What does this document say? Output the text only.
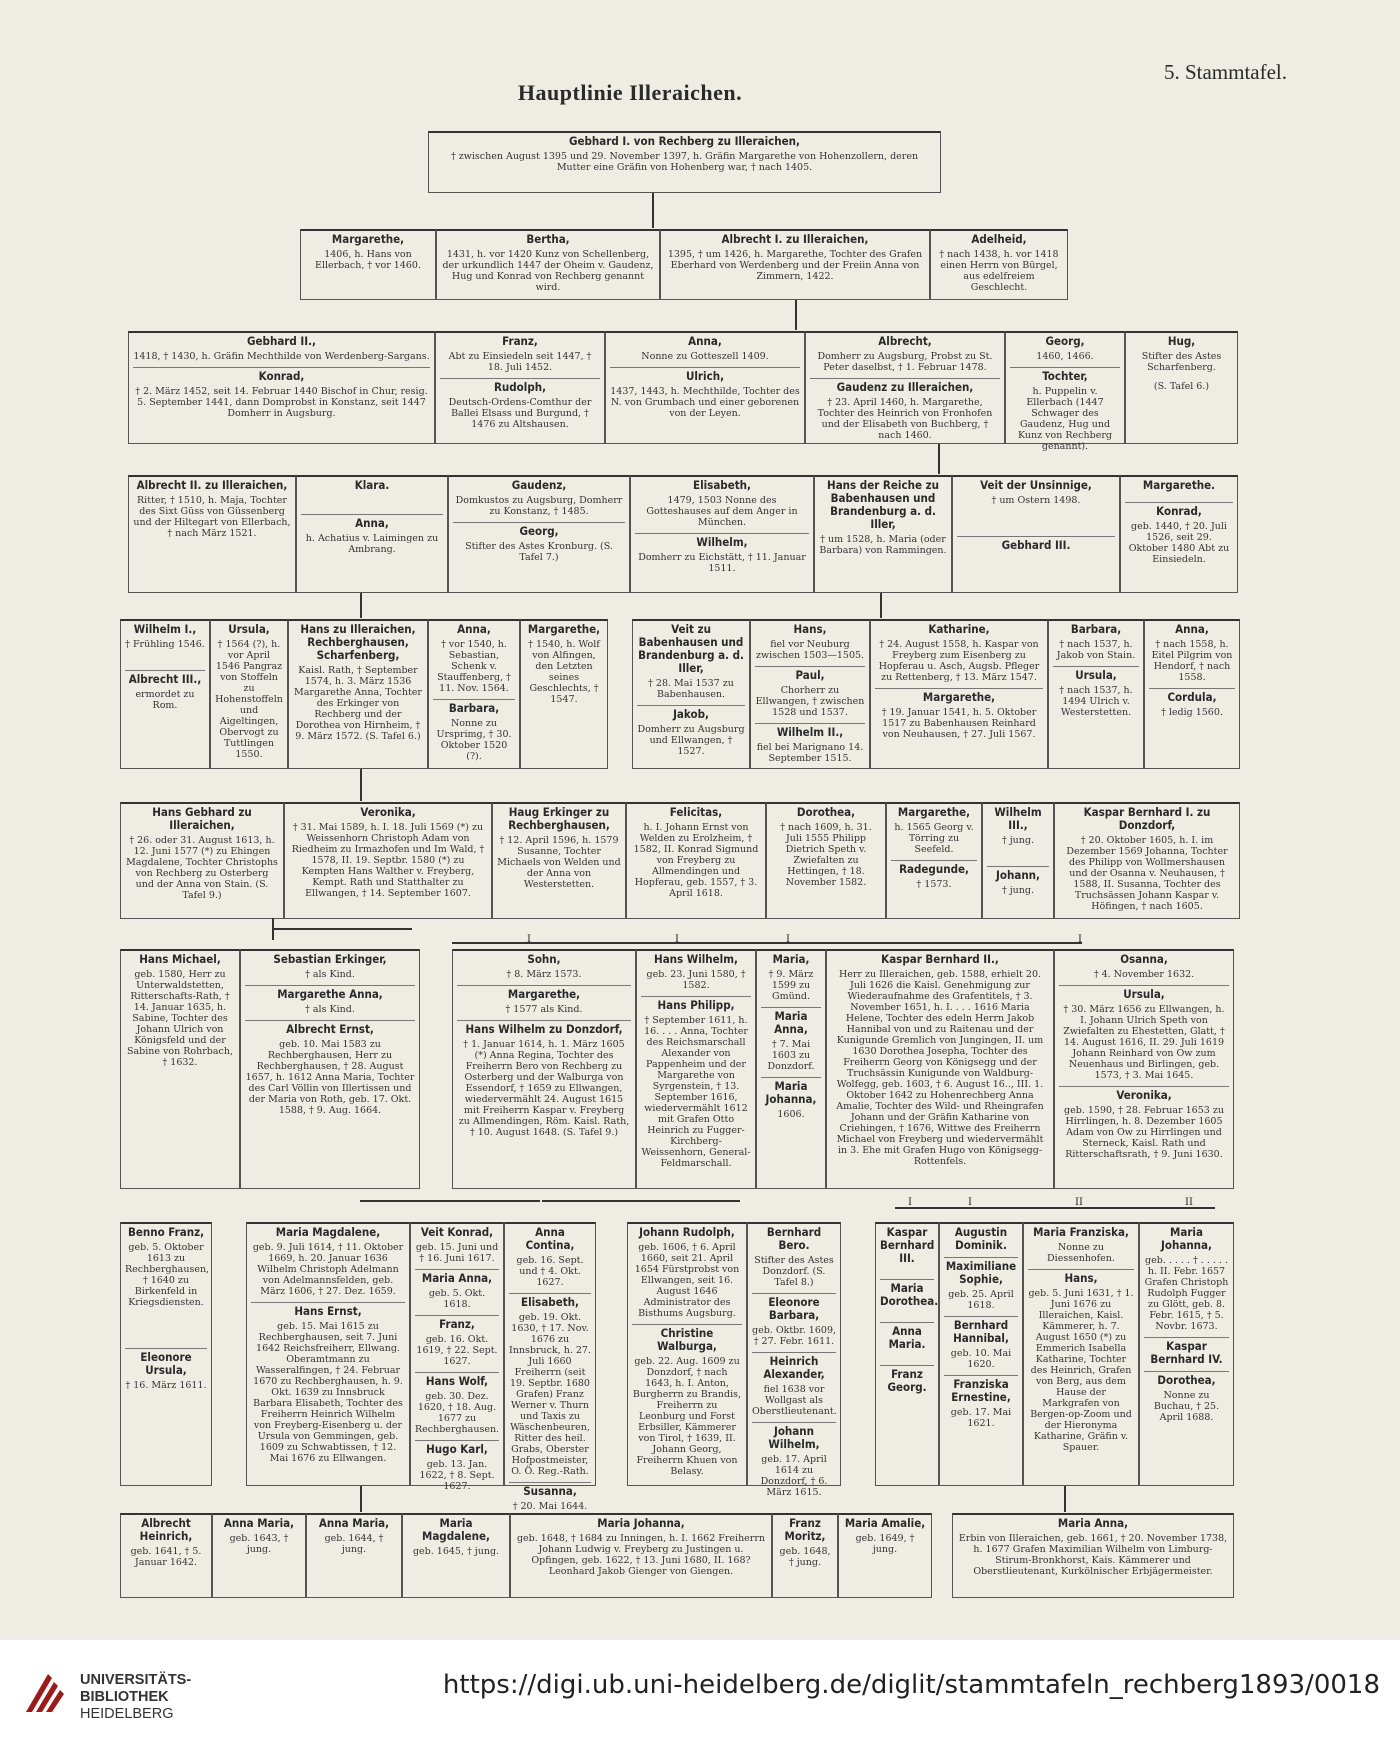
Hauptlinie Illeraichen.
5. Stammtafel.
Gebhard I. von Rechberg zu Illeraichen,
† zwischen August 1395 und 29. November 1397, h. Gräfin Margarethe von Hohenzollern, deren Mutter eine Gräfin von Hohenberg war, † nach 1405.
Margarethe,
1406, h. Hans von Ellerbach, † vor 1460.
Bertha,
1431, h. vor 1420 Kunz von Schellenberg, der urkundlich 1447 der Oheim v. Gaudenz, Hug und Konrad von Rechberg genannt wird.
Albrecht I. zu Illeraichen,
1395, † um 1426, h. Margarethe, Tochter des Grafen Eberhard von Werdenberg und der Freiin Anna von Zimmern, 1422.
Adelheid,
† nach 1438, h. vor 1418 einen Herrn von Bürgel, aus edelfreiem Geschlecht.
Gebhard II.,
1418, † 1430, h. Gräfin Mechthilde von Werdenberg-Sargans.
Konrad,
† 2. März 1452, seit 14. Februar 1440 Bischof in Chur, resig. 5. September 1441, dann Domprobst in Konstanz, seit 1447 Domherr in Augsburg.
Franz,
Abt zu Einsiedeln seit 1447, † 18. Juli 1452.
Rudolph,
Deutsch-Ordens-Comthur der Ballei Elsass und Burgund, † 1476 zu Altshausen.
Anna,
Nonne zu Gotteszell 1409.
Ulrich,
1437, 1443, h. Mechthilde, Tochter des N. von Grumbach und einer geborenen von der Leyen.
Albrecht,
Domherr zu Augsburg, Probst zu St. Peter daselbst, † 1. Februar 1478.
Gaudenz zu Illeraichen,
† 23. April 1460, h. Margarethe, Tochter des Heinrich von Fronhofen und der Elisabeth von Buchberg, † nach 1460.
Georg,
1460, 1466.
Tochter,
h. Puppelin v. Ellerbach (1447 Schwager des Gaudenz, Hug und Kunz von Rechberg genannt).
Hug,
Stifter des Astes Scharfenberg.
(S. Tafel 6.)
Albrecht II. zu Illeraichen,
Ritter, † 1510, h. Maja, Tochter des Sixt Güss von Güssenberg und der Hiltegart von Ellerbach, † nach März 1521.
Klara.
Anna,
h. Achatius v. Laimingen zu Ambrang.
Gaudenz,
Domkustos zu Augsburg, Domherr zu Konstanz, † 1485.
Georg,
Stifter des Astes Kronburg. (S. Tafel 7.)
Elisabeth,
1479, 1503 Nonne des Gotteshauses auf dem Anger in München.
Wilhelm,
Domherr zu Eichstätt, † 11. Januar 1511.
Hans der Reiche zu Babenhausen und Brandenburg a. d. Iller,
† um 1528, h. Maria (oder Barbara) von Rammingen.
Veit der Unsinnige,
† um Ostern 1498.
Gebhard III.
Margarethe.
Konrad,
geb. 1440, † 20. Juli 1526, seit 29. Oktober 1480 Abt zu Einsiedeln.
Wilhelm I.,
† Frühling 1546.
Albrecht III.,
ermordet zu Rom.
Ursula,
† 1564 (?), h. vor April 1546 Pangraz von Stoffeln zu Hohenstoffeln und Aigeltingen, Obervogt zu Tuttlingen 1550.
Hans zu Illeraichen, Rechberghausen, Scharfenberg,
Kaisl. Rath, † September 1574, h. 3. März 1536 Margarethe Anna, Tochter des Erkinger von Rechberg und der Dorothea von Hirnheim, † 9. März 1572. (S. Tafel 6.)
Anna,
† vor 1540, h. Sebastian, Schenk v. Stauffenberg, † 11. Nov. 1564.
Barbara,
Nonne zu Ursprimg, † 30. Oktober 1520 (?).
Margarethe,
† 1540, h. Wolf von Alfingen, den Letzten seines Geschlechts, † 1547.
Veit zu Babenhausen und Brandenburg a. d. Iller,
† 28. Mai 1537 zu Babenhausen.
Jakob,
Domherr zu Augsburg und Ellwangen, † 1527.
Hans,
fiel vor Neuburg zwischen 1503—1505.
Paul,
Chorherr zu Ellwangen, † zwischen 1528 und 1537.
Wilhelm II.,
fiel bei Marignano 14. September 1515.
Katharine,
† 24. August 1558, h. Kaspar von Freyberg zum Eisenberg zu Hopferau u. Asch, Augsb. Pfleger zu Rettenberg, † 13. März 1547.
Margarethe,
† 19. Januar 1541, h. 5. Oktober 1517 zu Babenhausen Reinhard von Neuhausen, † 27. Juli 1567.
Barbara,
† nach 1537, h. Jakob von Stain.
Ursula,
† nach 1537, h. 1494 Ulrich v. Westerstetten.
Anna,
† nach 1558, h. Eitel Pilgrim von Hendorf, † nach 1558.
Cordula,
† ledig 1560.
Hans Gebhard zu Illeraichen,
† 26. oder 31. August 1613, h. 12. Juni 1577 (*) zu Ehingen Magdalene, Tochter Christophs von Rechberg zu Osterberg und der Anna von Stain. (S. Tafel 9.)
Veronika,
† 31. Mai 1589, h. I. 18. Juli 1569 (*) zu Weissenhorn Christoph Adam von Riedheim zu Irmazhofen und Im Wald, † 1578, II. 19. Septbr. 1580 (*) zu Kempten Hans Walther v. Freyberg, Kempt. Rath und Statthalter zu Ellwangen, † 14. September 1607.
Haug Erkinger zu Rechberghausen,
† 12. April 1596, h. 1579 Susanne, Tochter Michaels von Welden und der Anna von Westerstetten.
Felicitas,
h. I. Johann Ernst von Welden zu Erolzheim, † 1582, II. Konrad Sigmund von Freyberg zu Allmendingen und Hopferau, geb. 1557, † 3. April 1618.
Dorothea,
† nach 1609, h. 31. Juli 1555 Philipp Dietrich Speth v. Zwiefalten zu Hettingen, † 18. November 1582.
Margarethe,
h. 1565 Georg v. Törring zu Seefeld.
Radegunde,
† 1573.
Wilhelm III.,
† jung.
Johann,
† jung.
Kaspar Bernhard I. zu Donzdorf,
† 20. Oktober 1605, h. I. im Dezember 1569 Johanna, Tochter des Philipp von Wollmershausen und der Osanna v. Neuhausen, † 1588, II. Susanna, Tochter des Truchsässen Johann Kaspar v. Höfingen, † nach 1605.
I	I	I	I
Hans Michael,
geb. 1580, Herr zu Unterwaldstetten, Ritterschafts-Rath, † 14. Januar 1635, h. Sabine, Tochter des Johann Ulrich von Königsfeld und der Sabine von Rohrbach, † 1632.
Sebastian Erkinger,
† als Kind.
Margarethe Anna,
† als Kind.
Albrecht Ernst,
geb. 10. Mai 1583 zu Rechberghausen, Herr zu Rechberghausen, † 28. August 1657, h. 1612 Anna Maria, Tochter des Carl Völlin von Illertissen und der Maria von Roth, geb. 17. Okt. 1588, † 9. Aug. 1664.
Sohn,
† 8. März 1573.
Margarethe,
† 1577 als Kind.
Hans Wilhelm zu Donzdorf,
† 1. Januar 1614, h. 1. März 1605 (*) Anna Regina, Tochter des Freiherrn Bero von Rechberg zu Osterberg und der Walburga von Essendorf, † 1659 zu Ellwangen, wiedervermählt 24. August 1615 mit Freiherrn Kaspar v. Freyberg zu Allmendingen, Röm. Kaisl. Rath, † 10. August 1648. (S. Tafel 9.)
Hans Wilhelm,
geb. 23. Juni 1580, † 1582.
Hans Philipp,
† September 1611, h. 16. . . . Anna, Tochter des Reichsmarschall Alexander von Pappenheim und der Margarethe von Syrgenstein, † 13. September 1616, wiedervermählt 1612 mit Grafen Otto Heinrich zu Fugger-Kirchberg-Weissenhorn, General-Feldmarschall.
Maria,
† 9. März 1599 zu Gmünd.
Maria Anna,
† 7. Mai 1603 zu Donzdorf.
Maria Johanna,
1606.
Kaspar Bernhard II.,
Herr zu Illeraichen, geb. 1588, erhielt 20. Juli 1626 die Kaisl. Genehmigung zur Wiederaufnahme des Grafentitels, † 3. November 1651, h. I. . . . 1616 Maria Helene, Tochter des edeln Herrn Jakob Hannibal von und zu Raitenau und der Kunigunde Gremlich von Jungingen, II. um 1630 Dorothea Josepha, Tochter des Freiherrn Georg von Königsegg und der Truchsässin Kunigunde von Waldburg-Wolfegg, geb. 1603, † 6. August 16.., III. 1. Oktober 1642 zu Hohenrechberg Anna Amalie, Tochter des Wild- und Rheingrafen Johann und der Gräfin Katharine von Criehingen, † 1676, Wittwe des Freiherrn Michael von Freyberg und wiedervermählt in 3. Ehe mit Grafen Hugo von Königsegg-Rottenfels.
Osanna,
† 4. November 1632.
Ursula,
† 30. März 1656 zu Ellwangen, h. I. Johann Ulrich Speth von Zwiefalten zu Ehestetten, Glatt, † 14. August 1616, II. 29. Juli 1619 Johann Reinhard von Ow zum Neuenhaus und Birlingen, geb. 1573, † 3. Mai 1645.
Veronika,
geb. 1590, † 28. Februar 1653 zu Hirrlingen, h. 8. Dezember 1605 Adam von Ow zu Hirrlingen und Sterneck, Kaisl. Rath und Ritterschaftsrath, † 9. Juni 1630.
I	I	II	II
Benno Franz,
geb. 5. Oktober 1613 zu Rechberghausen, † 1640 zu Birkenfeld in Kriegsdiensten.
Eleonore Ursula,
† 16. März 1611.
Maria Magdalene,
geb. 9. Juli 1614, † 11. Oktober 1669, h. 20. Januar 1636 Wilhelm Christoph Adelmann von Adelmannsfelden, geb. März 1606, † 27. Dez. 1659.
Hans Ernst,
geb. 15. Mai 1615 zu Rechberghausen, seit 7. Juni 1642 Reichsfreiherr, Ellwang. Oberamtmann zu Wasseralfingen, † 24. Februar 1670 zu Rechberghausen, h. 9. Okt. 1639 zu Innsbruck Barbara Elisabeth, Tochter des Freiherrn Heinrich Wilhelm von Freyberg-Eisenberg u. der Ursula von Gemmingen, geb. 1609 zu Schwabtissen, † 12. Mai 1676 zu Ellwangen.
Veit Konrad,
geb. 15. Juni und † 16. Juni 1617.
Maria Anna,
geb. 5. Okt. 1618.
Franz,
geb. 16. Okt. 1619, † 22. Sept. 1627.
Hans Wolf,
geb. 30. Dez. 1620, † 18. Aug. 1677 zu Rechberghausen.
Hugo Karl,
geb. 13. Jan. 1622, † 8. Sept. 1627.
Anna Contina,
geb. 16. Sept. und † 4. Okt. 1627.
Elisabeth,
geb. 19. Okt. 1630, † 17. Nov. 1676 zu Innsbruck, h. 27. Juli 1660 Freiherrn (seit 19. Septbr. 1680 Grafen) Franz Werner v. Thurn und Taxis zu Wäschenbeuren, Ritter des heil. Grabs, Oberster Hofpostmeister, O. Ö. Reg.-Rath.
Susanna,
† 20. Mai 1644.
Johann Rudolph,
geb. 1606, † 6. April 1660, seit 21. April 1654 Fürstprobst von Ellwangen, seit 16. August 1646 Administrator des Bisthums Augsburg.
Christine Walburga,
geb. 22. Aug. 1609 zu Donzdorf, † nach 1643, h. I. Anton, Burgherrn zu Brandis, Freiherrn zu Leonburg und Forst Erbsiller, Kämmerer von Tirol, † 1639, II. Johann Georg, Freiherrn Khuen von Belasy.
Bernhard Bero.
Stifter des Astes Donzdorf. (S. Tafel 8.)
Eleonore Barbara,
geb. Oktbr. 1609, † 27. Febr. 1611.
Heinrich Alexander,
fiel 1638 vor Wollgast als Oberstlieutenant.
Johann Wilhelm,
geb. 17. April 1614 zu Donzdorf, † 6. März 1615.
Kaspar Bernhard III.
Maria Dorothea.
Anna Maria.
Franz Georg.
Augustin Dominik.
Maximiliane Sophie,
geb. 25. April 1618.
Bernhard Hannibal,
geb. 10. Mai 1620.
Franziska Ernestine,
geb. 17. Mai 1621.
Maria Franziska,
Nonne zu Diessenhofen.
Hans,
geb. 5. Juni 1631, † 1. Juni 1676 zu Illeraichen, Kaisl. Kämmerer, h. 7. August 1650 (*) zu Emmerich Isabella Katharine, Tochter des Heinrich, Grafen von Berg, aus dem Hause der Markgrafen von Bergen-op-Zoom und der Hieronyma Katharine, Gräfin v. Spauer.
Maria Johanna,
geb. . . . . † . . . . . h. II. Febr. 1657 Grafen Christoph Rudolph Fugger zu Glött, geb. 8. Febr. 1615, † 5. Novbr. 1673.
Kaspar Bernhard IV.
Dorothea,
Nonne zu Buchau, † 25. April 1688.
Albrecht Heinrich,
geb. 1641, † 5. Januar 1642.
Anna Maria,
geb. 1643, † jung.
Anna Maria,
geb. 1644, † jung.
Maria Magdalene,
geb. 1645, † jung.
Maria Johanna,
geb. 1648, † 1684 zu Inningen, h. I. 1662 Freiherrn Johann Ludwig v. Freyberg zu Justingen u. Opfingen, geb. 1622, † 13. Juni 1680, II. 168? Leonhard Jakob Gienger von Giengen.
Franz Moritz,
geb. 1648, † jung.
Maria Amalie,
geb. 1649, † jung.
Maria Anna,
Erbin von Illeraichen, geb. 1661, † 20. November 1738, h. 1677 Grafen Maximilian Wilhelm von Limburg-Stirum-Bronkhorst, Kais. Kämmerer und Oberstlieutenant, Kurkölnischer Erbjägermeister.
UNIVERSITÄTS-
BIBLIOTHEK
HEIDELBERG
https://digi.ub.uni-heidelberg.de/diglit/stammtafeln_rechberg1893/0018
